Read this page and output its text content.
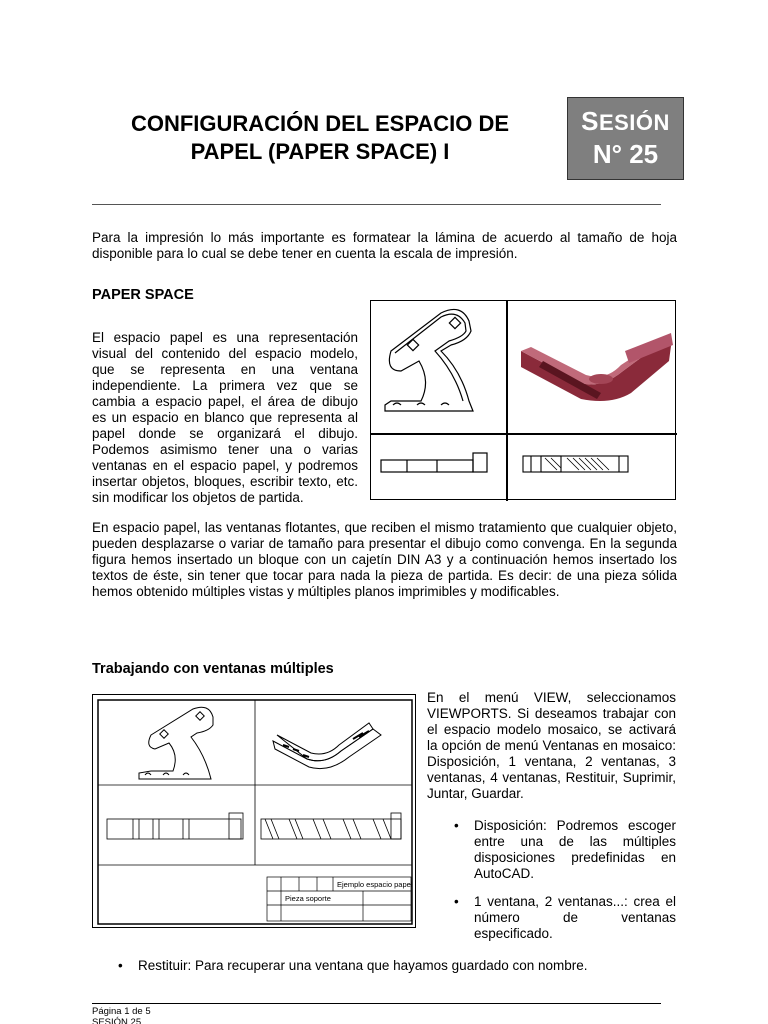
CONFIGURACIÓN DEL ESPACIO DE
PAPEL (PAPER SPACE) I
SESIÓN
N° 25
Para la impresión lo más importante es formatear la lámina de acuerdo al tamaño de hoja disponible para lo cual se debe tener en cuenta la escala de impresión.
PAPER SPACE
El espacio papel es una representación visual del contenido del espacio modelo, que se representa en una ventana independiente. La primera vez que se cambia a espacio papel, el área de dibujo es un espacio en blanco que representa al papel donde se organizará el dibujo. Podemos asimismo tener una o varias ventanas en el espacio papel, y podremos insertar objetos, bloques, escribir texto, etc. sin modificar los objetos de partida.
En espacio papel, las ventanas flotantes, que reciben el mismo tratamiento que cualquier objeto, pueden desplazarse o variar de tamaño para presentar el dibujo como convenga. En la segunda figura hemos insertado un bloque con un cajetín DIN A3 y a continuación hemos insertado los textos de éste, sin tener que tocar para nada la pieza de partida. Es decir: de una pieza sólida hemos obtenido múltiples vistas y múltiples planos imprimibles y modificables.
Trabajando con ventanas múltiples
Ejemplo espacio papel
Pieza soporte
En el menú VIEW, seleccionamos VIEWPORTS. Si deseamos trabajar con el espacio modelo mosaico, se activará la opción de menú Ventanas en mosaico: Disposición, 1 ventana, 2 ventanas, 3 ventanas, 4 ventanas, Restituir, Suprimir, Juntar, Guardar.
• Disposición: Podremos escoger entre una de las múltiples disposiciones predefinidas en AutoCAD.
• 1 ventana, 2 ventanas...: crea el número de ventanas especificado.
• Restituir: Para recuperar una ventana que hayamos guardado con nombre.
Página 1 de 5
SESIÓN 25
